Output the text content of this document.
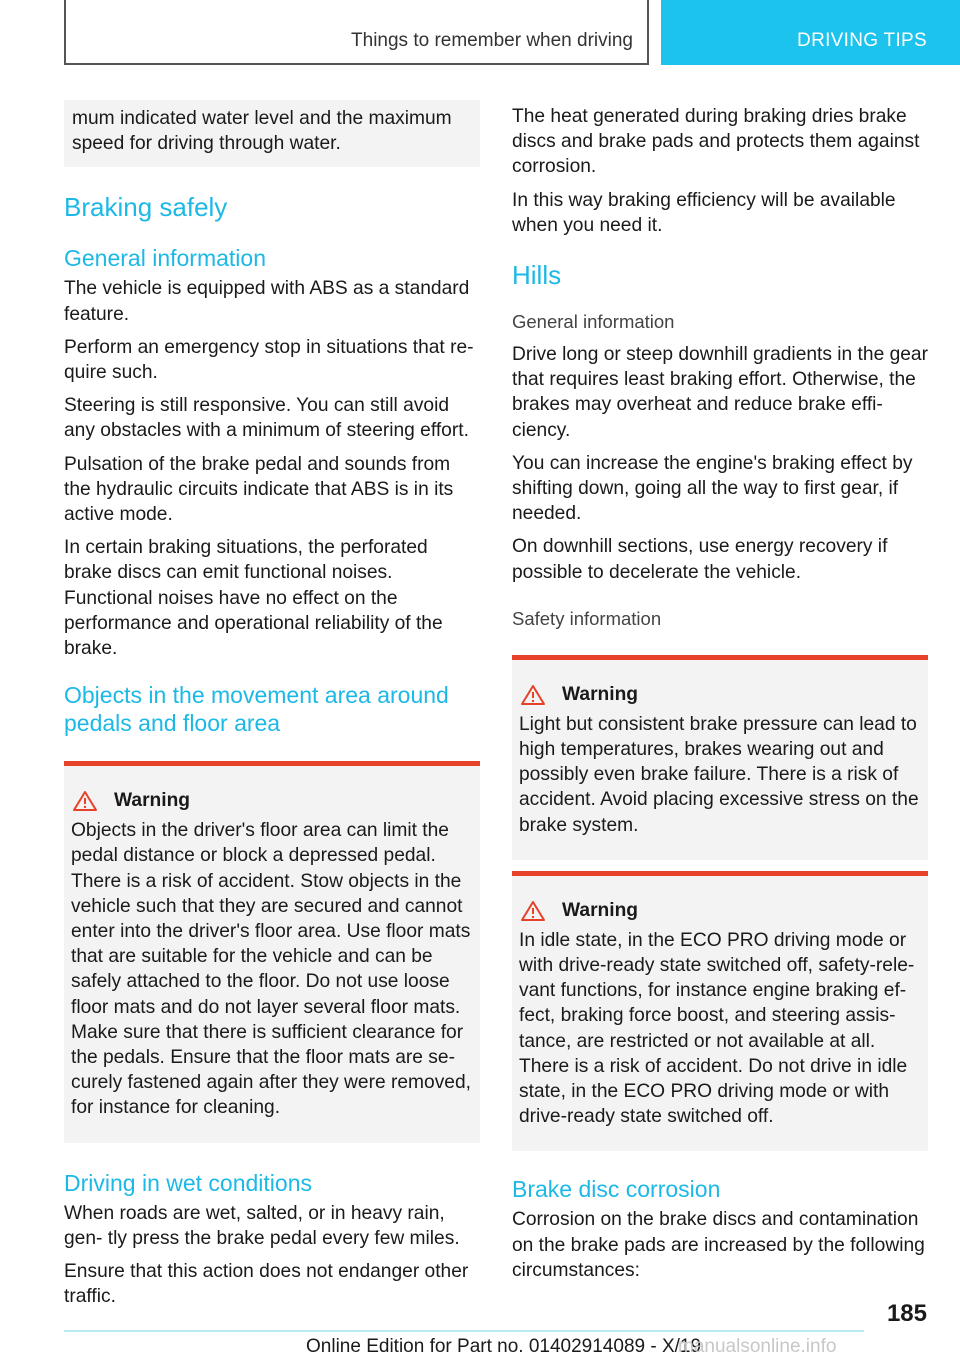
Things to remember when driving	DRIVING TIPS

mum indicated water level and the maximum speed for driving through water.

Braking safely
General information

The vehicle is equipped with ABS as a standard feature.

Perform an emergency stop in situations that re- quire such.

Steering is still responsive. You can still avoid any obstacles with a minimum of steering effort.

Pulsation of the brake pedal and sounds from the hydraulic circuits indicate that ABS is in its active mode.

In certain braking situations, the perforated brake discs can emit functional noises. Functional noises have no effect on the performance and operational reliability of the brake.

Objects in the movement area around pedals and floor area
Warning

Objects in the driver's floor area can limit the pedal distance or block a depressed pedal. There is a risk of accident. Stow objects in the vehicle such that they are secured and cannot enter into the driver's floor area. Use floor mats that are suitable for the vehicle and can be safely attached to the floor. Do not use loose floor mats and do not layer several floor mats. Make sure that there is sufficient clearance for the pedals. Ensure that the floor mats are se- curely fastened again after they were removed, for instance for cleaning.

Driving in wet conditions

When roads are wet, salted, or in heavy rain, gen- tly press the brake pedal every few miles.

Ensure that this action does not endanger other traffic.

The heat generated during braking dries brake discs and brake pads and protects them against corrosion.

In this way braking efficiency will be available when you need it.

Hills
General information

Drive long or steep downhill gradients in the gear that requires least braking effort. Otherwise, the brakes may overheat and reduce brake effi- ciency.

You can increase the engine's braking effect by shifting down, going all the way to first gear, if needed.

On downhill sections, use energy recovery if possible to decelerate the vehicle.

Safety information
Warning

Light but consistent brake pressure can lead to high temperatures, brakes wearing out and possibly even brake failure. There is a risk of accident. Avoid placing excessive stress on the brake system.

Warning

In idle state, in the ECO PRO driving mode or with drive-ready state switched off, safety-rele- vant functions, for instance engine braking ef- fect, braking force boost, and steering assis- tance, are restricted or not available at all.

There is a risk of accident. Do not drive in idle state, in the ECO PRO driving mode or with drive-ready state switched off.

Brake disc corrosion

Corrosion on the brake discs and contamination on the brake pads are increased by the following circumstances:

185
Online Edition for Part no. 01402914089 - X/19
manualsonline.info
